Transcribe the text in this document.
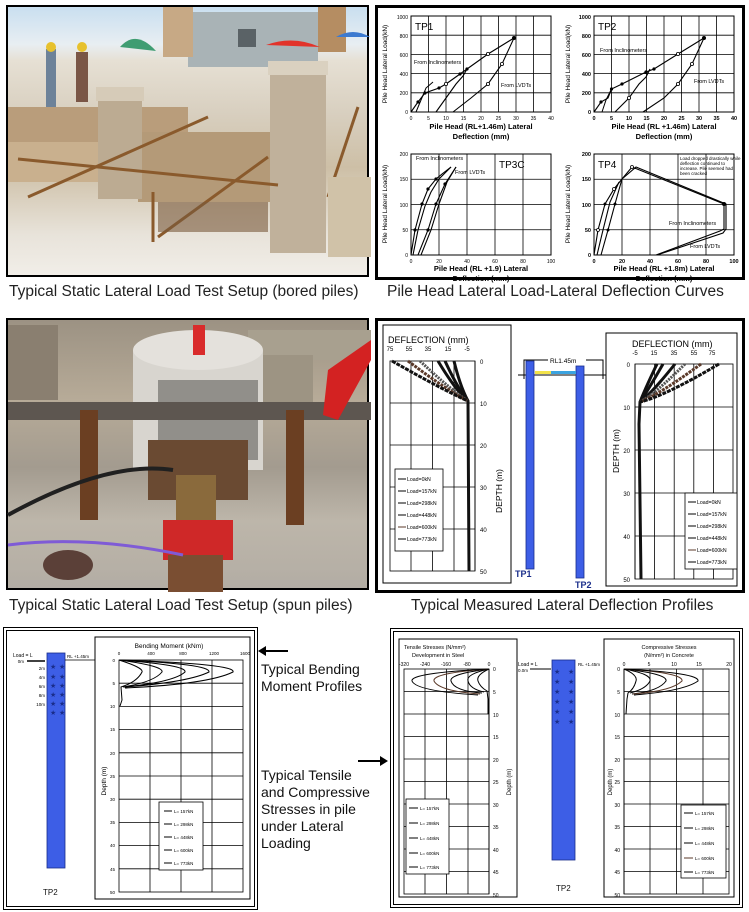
Typical Static Lateral Load Test Setup (bored piles)
TP1
From Inclinometers
From LVDTs
0
200
400
600
800
1000
0	5	10 15 20 25 30 35 40
Pile Head (RL+1.46m) Lateral
Deflection (mm)
Pile Head Lateral Load(kN)	TP2
From Inclinometers
From LVDTs
0
200
400
600
800
1000
0	5 10 15 20 25 30 35 40
Pile Head (RL +1.46m) Lateral
Deflection (mm)
Pile Head Lateral Load(kN)
TP3C
From Inclinometers
From LVDTs
0
50
100
150
200
0	20	40	60	80	100
Pile Head (RL +1.9) Lateral
Deflection (mm)
Pile Head Lateral Load(kN)	TP4
Load dropped drastically while
deflection continued to
increase. Pile seemed had
been cracked
From Inclinometers
From LVDTs
0
50
100
150
200
0	20	40	60	80	100
Pile Head (RL +1.8m) Lateral
Deflection (mm)
Pile Head Lateral Load(kN)
Pile Head Lateral Load-Lateral Deflection Curves
Typical Static Lateral Load Test Setup (spun piles)
DEFLECTION (mm)
75 55 35 15 -5
0
10
20
30
40
50
Load=0kN
Load=157kN
Load=298kN
Load=448kN
Load=600kN
Load=773kN
DEPTH (m)
RL1.45m
TP1
TP2
DEFLECTION (mm)
-5 15 35 55 75
Load=0kN
Load=157kN
Load=298kN
Load=448kN
Load=600kN
Load=773kN
0
10
20
30
40
50
DEPTH (m)
Typical Measured Lateral Deflection Profiles
★ ★
★ ★
★ ★
★ ★
★ ★
★ ★
Load = L
0m
2m
4m
6m
8m
10m
RL +1.45m
TP2
Bending Moment (kNm)
0	400	800	1200	1600
0
5
10
15
20
25
30
35
40
45
50
L= 157kN
L= 298kN
L= 448kN
L= 600kN
L= 773kN
Depth (m)
Typical Bending
Moment Profiles
Typical Tensile
and Compressive
Stresses in pile
under Lateral
Loading
Tensile Stresses (N/mm²)
Development in Steel
-320 -240 -160 -80	0
0
5
10
15
20
25
30
35
40
45
50
L= 157kN
L= 298kN
L= 448kN
L= 600kN
L= 773kN
Depth (m)
★ ★
★ ★
★ ★
★ ★
★ ★
★ ★
Load = L
0.0m
RL +1.45m
TP2
Compressive Stresses
(N/mm²) in Concrete
0	5	10	15	20
0
5
10
15
20
25
30
35
40
45
50
L= 157kN
L= 298kN
L= 448kN
L= 600kN
L= 773kN
Depth (m)
